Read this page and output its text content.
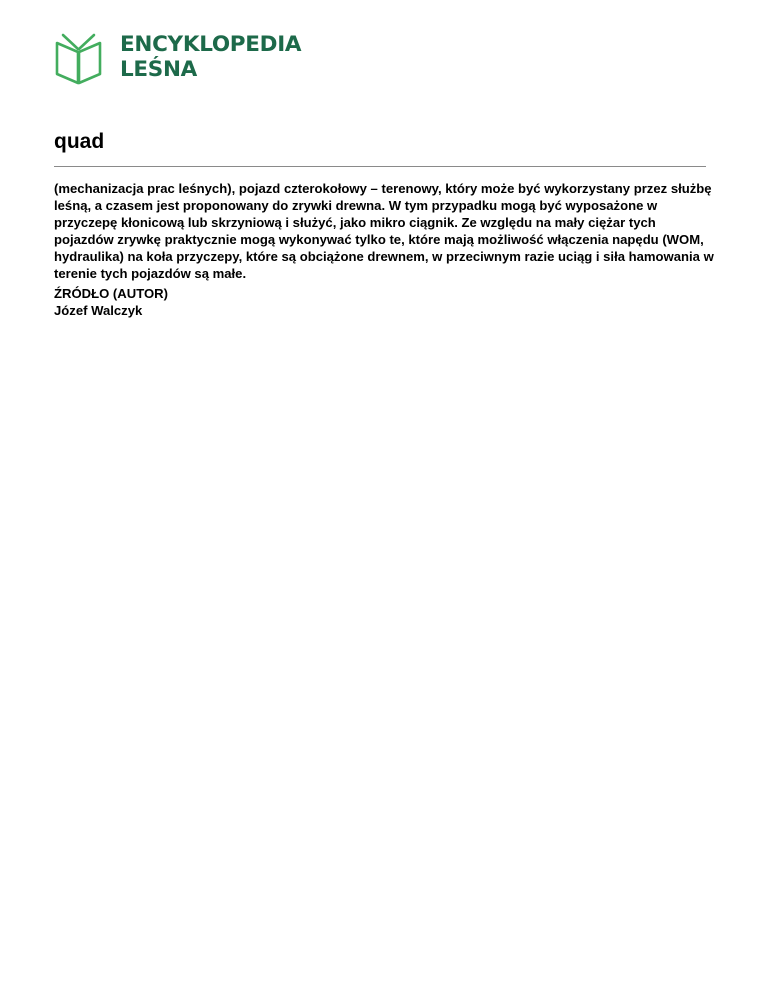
ENCYKLOPEDIA
LEŚNA
quad

(mechanizacja prac leśnych), pojazd czterokołowy – terenowy, który może być wykorzystany przez służbę leśną, a czasem jest proponowany do zrywki drewna. W tym przypadku mogą być wyposażone w przyczepę kłonicową lub skrzyniową i służyć, jako mikro ciągnik. Ze względu na mały ciężar tych pojazdów zrywkę praktycznie mogą wykonywać tylko te, które mają możliwość włączenia napędu (WOM, hydraulika) na koła przyczepy, które są obciążone drewnem, w przeciwnym razie uciąg i siła hamowania w terenie tych pojazdów są małe.

ŹRÓDŁO (AUTOR)
Józef Walczyk
